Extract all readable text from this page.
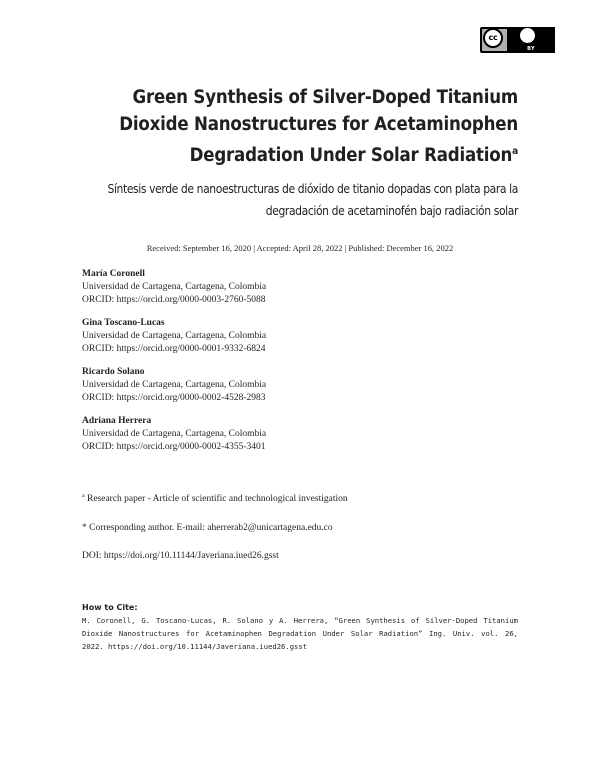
cc
BY
Green Synthesis of Silver-Doped Titanium Dioxide Nanostructures for Acetaminophen Degradation Under Solar Radiation$^a$
Síntesis verde de nanoestructuras de dióxido de titanio dopadas con plata para la degradación de acetaminofén bajo radiación solar
Received: September 16, 2020 | Accepted: April 28, 2022 | Published: December 16, 2022
María Coronell
Universidad de Cartagena, Cartagena, Colombia
ORCID: https://orcid.org/0000-0003-2760-5088
Gina Toscano-Lucas
Universidad de Cartagena, Cartagena, Colombia
ORCID: https://orcid.org/0000-0001-9332-6824
Ricardo Solano
Universidad de Cartagena, Cartagena, Colombia
ORCID: https://orcid.org/0000-0002-4528-2983
Adriana Herrera
Universidad de Cartagena, Cartagena, Colombia
ORCID: https://orcid.org/0000-0002-4355-3401
ª Research paper - Article of scientific and technological investigation
* Corresponding author. E-mail: aherrerab2@unicartagena.edu.co
DOI: https://doi.org/10.11144/Javeriana.iued26.gsst
How to Cite:
M. Coronell, G. Toscano-Lucas, R. Solano y A. Herrera, “Green Synthesis of Silver-Doped Titanium Dioxide Nanostructures for Acetaminophen Degradation Under Solar Radiation” Ing. Univ. vol. 26, 2022. https://doi.org/10.11144/Javeriana.iued26.gsst
